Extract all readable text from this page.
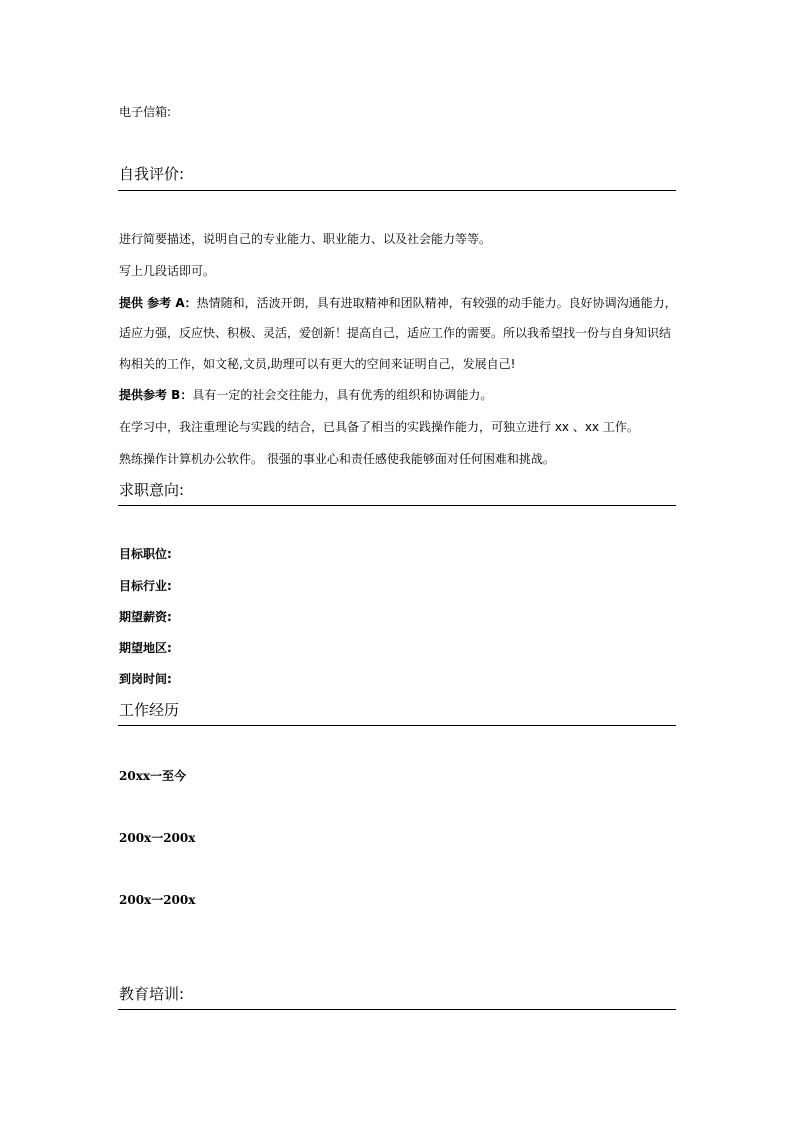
电子信箱:
自我评价:
进行简要描述，说明自己的专业能力、职业能力、以及社会能力等等。
写上几段话即可。
提供 参考 A：热情随和，活波开朗，具有进取精神和团队精神，有较强的动手能力。良好协调沟通能力，
适应力强，反应快、积极、灵活，爱创新！提高自己，适应工作的需要。所以我希望找一份与自身知识结
构相关的工作，如文秘,文员,助理可以有更大的空间来证明自己，发展自己!
提供参考 B：具有一定的社会交往能力，具有优秀的组织和协调能力。
在学习中，我注重理论与实践的结合，已具备了相当的实践操作能力，可独立进行 xx 、xx 工作。
熟练操作计算机办公软件。 很强的事业心和责任感使我能够面对任何困难和挑战。
求职意向:
目标职位:
目标行业:
期望薪资:
期望地区:
到岗时间:
工作经历
20xx一至今
200x一200x
200x一200x
教育培训:
